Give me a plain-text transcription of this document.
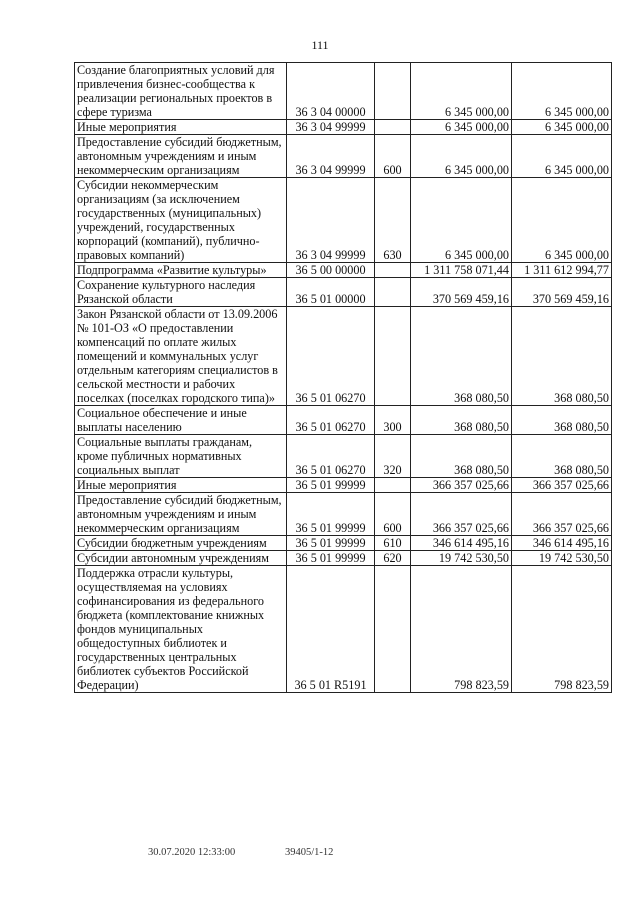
111
Создание благоприятных условий для привлечения бизнес-сообщества к реализации региональных проектов в сфере туризма	36 3 04 00000		6 345 000,00	6 345 000,00
Иные мероприятия	36 3 04 99999		6 345 000,00	6 345 000,00
Предоставление субсидий бюджетным, автономным учреждениям и иным некоммерческим организациям	36 3 04 99999	600	6 345 000,00	6 345 000,00
Субсидии некоммерческим организациям (за исключением государственных (муниципальных) учреждений, государственных корпораций (компаний), публично-правовых компаний)	36 3 04 99999	630	6 345 000,00	6 345 000,00
Подпрограмма «Развитие культуры»	36 5 00 00000		1 311 758 071,44	1 311 612 994,77
Сохранение культурного наследия Рязанской области	36 5 01 00000		370 569 459,16	370 569 459,16
Закон Рязанской области от 13.09.2006 № 101-ОЗ «О предоставлении компенсаций по оплате жилых помещений и коммунальных услуг отдельным категориям специалистов в сельской местности и рабочих поселках (поселках городского типа)»	36 5 01 06270		368 080,50	368 080,50
Социальное обеспечение и иные выплаты населению	36 5 01 06270	300	368 080,50	368 080,50
Социальные выплаты гражданам, кроме публичных нормативных социальных выплат	36 5 01 06270	320	368 080,50	368 080,50
Иные мероприятия	36 5 01 99999		366 357 025,66	366 357 025,66
Предоставление субсидий бюджетным, автономным учреждениям и иным некоммерческим организациям	36 5 01 99999	600	366 357 025,66	366 357 025,66
Субсидии бюджетным учреждениям	36 5 01 99999	610	346 614 495,16	346 614 495,16
Субсидии автономным учреждениям	36 5 01 99999	620	19 742 530,50	19 742 530,50
Поддержка отрасли культуры, осуществляемая на условиях софинансирования из федерального бюджета (комплектование книжных фондов муниципальных общедоступных библиотек и государственных центральных библиотек субъектов Российской Федерации)	36 5 01 R5191		798 823,59	798 823,59
30.07.2020 12:33:00	39405/1-12
